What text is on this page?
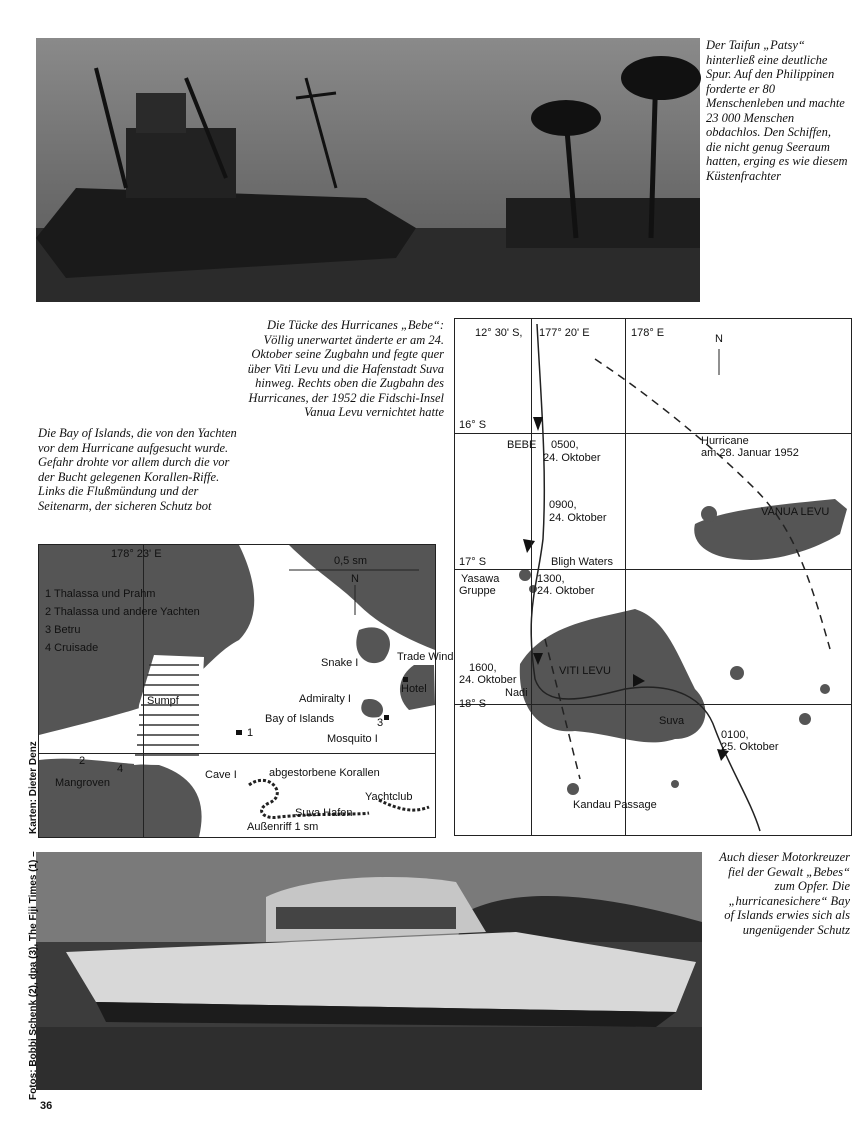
Der Taifun „Patsy“ hinterließ eine deutliche Spur. Auf den Philippinen forderte er 80 Menschenleben und machte 23 000 Menschen obdachlos. Den Schiffen, die nicht genug Seeraum hatten, erging es wie diesem Küstenfrachter
Die Tücke des Hurricanes „Bebe“: Völlig unerwartet änderte er am 24. Oktober seine Zugbahn und fegte quer über Viti Levu und die Hafenstadt Suva hinweg. Rechts oben die Zugbahn des Hurricanes, der 1952 die Fidschi-Insel Vanua Levu vernichtet hatte
Die Bay of Islands, die von den Yachten vor dem Hurricane aufgesucht wurde. Gefahr drohte vor allem durch die vor der Bucht gelegenen Korallen-Riffe. Links die Flußmündung und der Seitenarm, der sicheren Schutz bot
178° 23' E
0,5 sm
N
1 Thalassa und Prahm
2 Thalassa und andere Yachten
3 Betru
4 Cruisade
Sumpf
Snake I	Trade Wind
Hotel
Admiralty I
Bay of Islands	3
Mosquito I
1
2
4	Cave I	abgestorbene Korallen
Mangroven
Yachtclub
Suva Hafen
Außenriff 1 sm
12° 30' S, 177° 20' E	178° E	N
16° S
17° S
18° S
BEBE 0500,
24. Oktober
0900,
24. Oktober
Bligh Waters
Yasawa
Gruppe
1300,
24. Oktober
1600,
24. Oktober
Nadi
VITI LEVU
Suva
0100,
25. Oktober
Hurricane
am 28. Januar 1952
VANUA LEVU
Kandau Passage
Auch dieser Motorkreuzer fiel der Gewalt „Bebes“ zum Opfer. Die „hurricanesichere“ Bay of Islands erwies sich als ungenügender Schutz
Fotos: Bobbi Schenk (2), dpa (3), The Fiji Times (1) –
Karten: Dieter Denz
36
